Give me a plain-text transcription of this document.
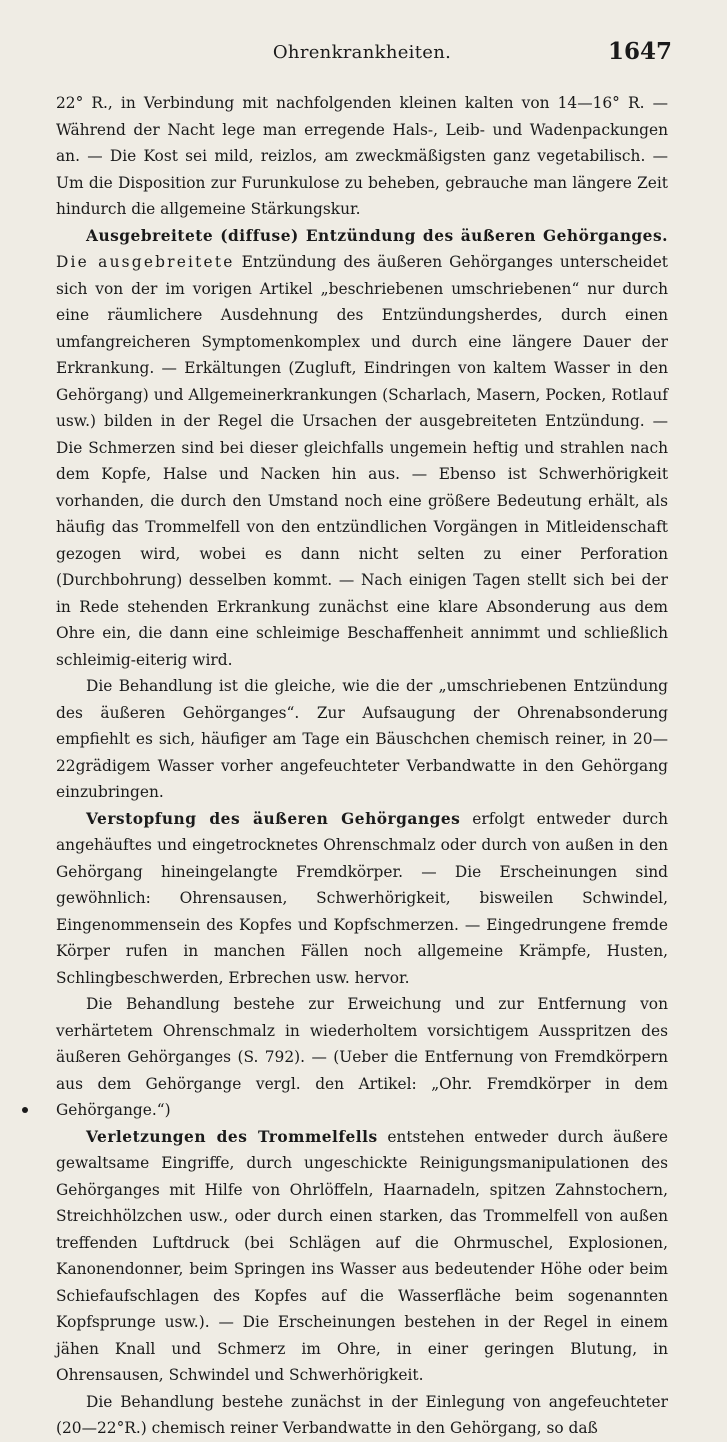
Ohrenkrankheiten.	1647

22° R., in Verbindung mit nachfolgenden kleinen kalten von 14—16° R. — Während der Nacht lege man erregende Hals-, Leib- und Wadenpackungen an. — Die Kost sei mild, reizlos, am zweckmäßigsten ganz vegetabilisch. — Um die Disposition zur Furunkulose zu beheben, gebrauche man längere Zeit hindurch die allgemeine Stärkungskur.

Ausgebreitete (diffuse) Entzündung des äußeren Gehörganges. Die ausgebreitete Entzündung des äußeren Gehörganges unterscheidet sich von der im vorigen Artikel „beschriebenen umschriebenen“ nur durch eine räumlichere Ausdehnung des Entzündungsherdes, durch einen umfangreicheren Symptomenkomplex und durch eine längere Dauer der Erkrankung. — Erkältungen (Zugluft, Eindringen von kaltem Wasser in den Gehörgang) und Allgemeinerkrankungen (Scharlach, Masern, Pocken, Rotlauf usw.) bilden in der Regel die Ursachen der ausgebreiteten Entzündung. — Die Schmerzen sind bei dieser gleichfalls ungemein heftig und strahlen nach dem Kopfe, Halse und Nacken hin aus. — Ebenso ist Schwerhörigkeit vorhanden, die durch den Umstand noch eine größere Bedeutung erhält, als häufig das Trommelfell von den entzündlichen Vorgängen in Mitleidenschaft gezogen wird, wobei es dann nicht selten zu einer Perforation (Durchbohrung) desselben kommt. — Nach einigen Tagen stellt sich bei der in Rede stehenden Erkrankung zunächst eine klare Absonderung aus dem Ohre ein, die dann eine schleimige Beschaffenheit annimmt und schließlich schleimig-eiterig wird.

Die Behandlung ist die gleiche, wie die der „umschriebenen Entzündung des äußeren Gehörganges“. Zur Aufsaugung der Ohrenabsonderung empfiehlt es sich, häufiger am Tage ein Bäuschchen chemisch reiner, in 20—22grädigem Wasser vorher angefeuchteter Verbandwatte in den Gehörgang einzubringen.

Verstopfung des äußeren Gehörganges erfolgt entweder durch angehäuftes und eingetrocknetes Ohrenschmalz oder durch von außen in den Gehörgang hineingelangte Fremdkörper. — Die Erscheinungen sind gewöhnlich: Ohrensausen, Schwerhörigkeit, bisweilen Schwindel, Eingenommensein des Kopfes und Kopfschmerzen. — Eingedrungene fremde Körper rufen in manchen Fällen noch allgemeine Krämpfe, Husten, Schlingbeschwerden, Erbrechen usw. hervor.

Die Behandlung bestehe zur Erweichung und zur Entfernung von verhärtetem Ohrenschmalz in wiederholtem vorsichtigem Ausspritzen des äußeren Gehörganges (S. 792). — (Ueber die Entfernung von Fremdkörpern aus dem Gehörgange vergl. den Artikel: „Ohr. Fremdkörper in dem Gehörgange.“)

Verletzungen des Trommelfells entstehen entweder durch äußere gewaltsame Eingriffe, durch ungeschickte Reinigungsmanipulationen des Gehörganges mit Hilfe von Ohrlöffeln, Haarnadeln, spitzen Zahnstochern, Streichhölzchen usw., oder durch einen starken, das Trommelfell von außen treffenden Luftdruck (bei Schlägen auf die Ohrmuschel, Explosionen, Kanonendonner, beim Springen ins Wasser aus bedeutender Höhe oder beim Schiefaufschlagen des Kopfes auf die Wasserfläche beim sogenannten Kopfsprunge usw.). — Die Erscheinungen bestehen in der Regel in einem jähen Knall und Schmerz im Ohre, in einer geringen Blutung, in Ohrensausen, Schwindel und Schwerhörigkeit.

Die Behandlung bestehe zunächst in der Einlegung von angefeuchteter (20—22°R.) chemisch reiner Verbandwatte in den Gehörgang, so daß
